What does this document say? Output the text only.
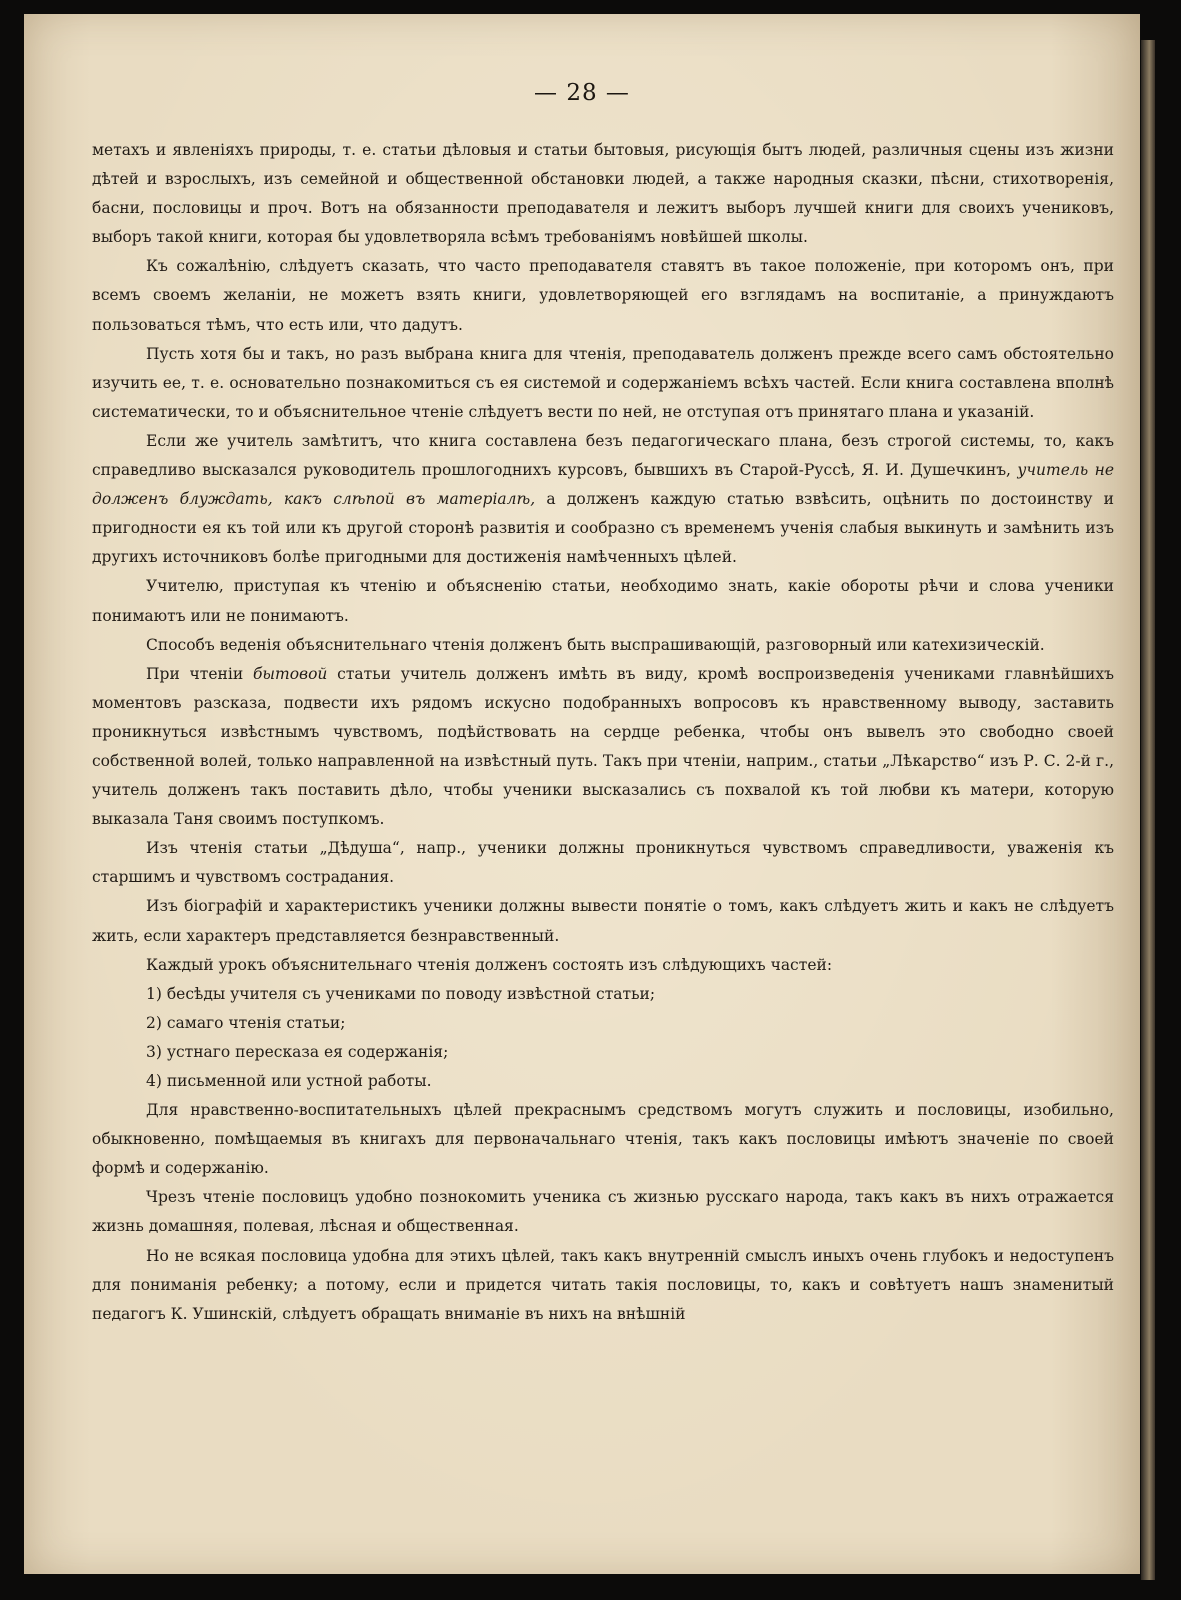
— 28 —

метахъ и явленіяхъ природы, т. е. статьи дѣловыя и статьи бытовыя, рисующія бытъ людей, различныя сцены изъ жизни дѣтей и взрослыхъ, изъ семейной и общественной обстановки людей, а также народныя сказки, пѣсни, стихотворенія, басни, пословицы и проч. Вотъ на обязанности преподавателя и лежитъ выборъ лучшей книги для своихъ учениковъ, выборъ такой книги, которая бы удовлетворяла всѣмъ требованіямъ новѣйшей школы.

Къ сожалѣнію, слѣдуетъ сказать, что часто преподавателя ставятъ въ такое положеніе, при которомъ онъ, при всемъ своемъ желаніи, не можетъ взять книги, удовлетворяющей его взглядамъ на воспитаніе, а принуждаютъ пользоваться тѣмъ, что есть или, что дадутъ.

Пусть хотя бы и такъ, но разъ выбрана книга для чтенія, преподаватель долженъ прежде всего самъ обстоятельно изучить ее, т. е. основательно познакомиться съ ея системой и содержаніемъ всѣхъ частей. Если книга составлена вполнѣ систематически, то и объяснительное чтеніе слѣдуетъ вести по ней, не отступая отъ принятаго плана и указаній.

Если же учитель замѣтитъ, что книга составлена безъ педагогическаго плана, безъ строгой системы, то, какъ справедливо высказался руководитель прошлогоднихъ курсовъ, бывшихъ въ Старой-Руссѣ, Я. И. Душечкинъ, учитель не долженъ блуждать, какъ слѣпой въ матеріалѣ, а долженъ каждую статью взвѣсить, оцѣнить по достоинству и пригодности ея къ той или къ другой сторонѣ развитія и сообразно съ временемъ ученія слабыя выкинуть и замѣнить изъ другихъ источниковъ болѣе пригодными для достиженія намѣченныхъ цѣлей.

Учителю, приступая къ чтенію и объясненію статьи, необходимо знать, какіе обороты рѣчи и слова ученики понимаютъ или не понимаютъ.

Способъ веденія объяснительнаго чтенія долженъ быть выспрашивающій, разговорный или катехизическій.

При чтеніи бытовой статьи учитель долженъ имѣть въ виду, кромѣ воспроизведенія учениками главнѣйшихъ моментовъ разсказа, подвести ихъ рядомъ искусно подобранныхъ вопросовъ къ нравственному выводу, заставить проникнуться извѣстнымъ чувствомъ, подѣйствовать на сердце ребенка, чтобы онъ вывелъ это свободно своей собственной волей, только направленной на извѣстный путь. Такъ при чтеніи, наприм., статьи „Лѣкарство“ изъ Р. С. 2-й г., учитель долженъ такъ поставить дѣло, чтобы ученики высказались съ похвалой къ той любви къ матери, которую выказала Таня своимъ поступкомъ.

Изъ чтенія статьи „Дѣдуша“, напр., ученики должны проникнуться чувствомъ справедливости, уваженія къ старшимъ и чувствомъ сострадания.

Изъ біографій и характеристикъ ученики должны вывести понятіе о томъ, какъ слѣдуетъ жить и какъ не слѣдуетъ жить, если характеръ представляется безнравственный.

Каждый урокъ объяснительнаго чтенія долженъ состоять изъ слѣдующихъ частей:

1) бесѣды учителя съ учениками по поводу извѣстной статьи;

2) самаго чтенія статьи;

3) устнаго пересказа ея содержанія;

4) письменной или устной работы.

Для нравственно-воспитательныхъ цѣлей прекраснымъ средствомъ могутъ служить и пословицы, изобильно, обыкновенно, помѣщаемыя въ книгахъ для первоначальнаго чтенія, такъ какъ пословицы имѣютъ значеніе по своей формѣ и содержанію.

Чрезъ чтеніе пословицъ удобно познокомить ученика съ жизнью русскаго народа, такъ какъ въ нихъ отражается жизнь домашняя, полевая, лѣсная и общественная.

Но не всякая пословица удобна для этихъ цѣлей, такъ какъ внутренній смыслъ иныхъ очень глубокъ и недоступенъ для пониманія ребенку; а потому, если и придется читать такія пословицы, то, какъ и совѣтуетъ нашъ знаменитый педагогъ К. Ушинскій, слѣдуетъ обращать вниманіе въ нихъ на внѣшній
